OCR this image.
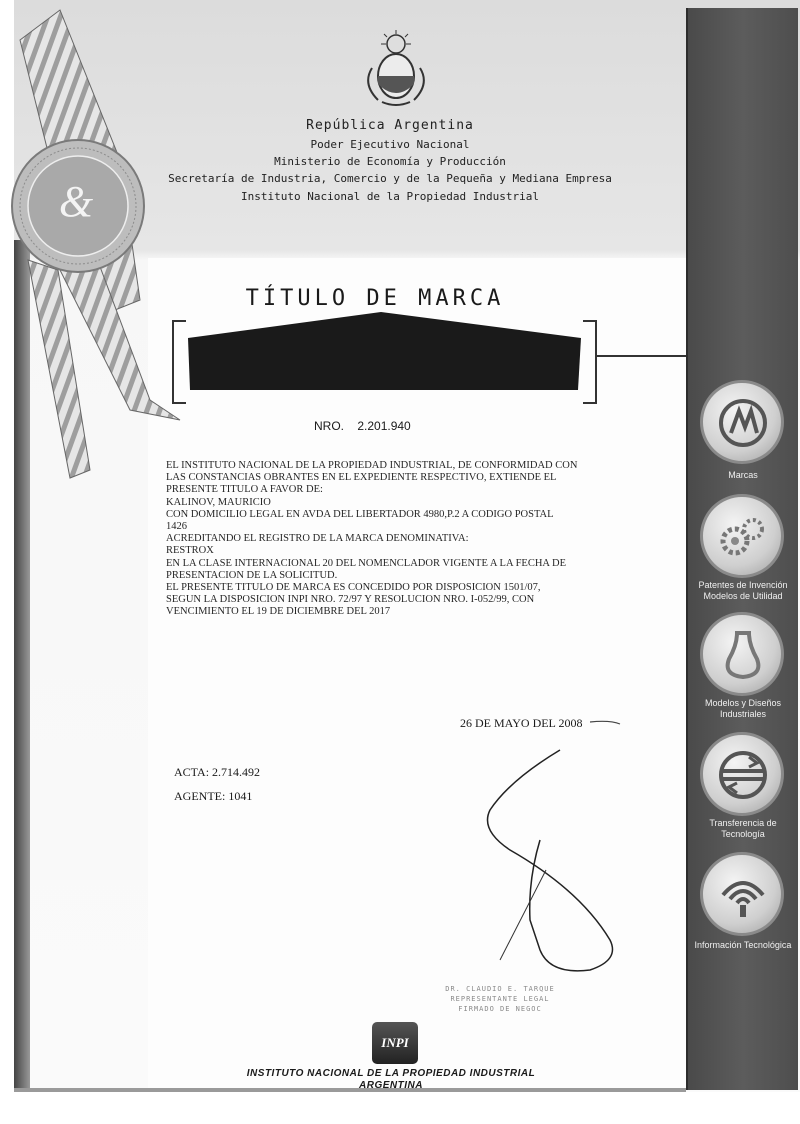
&
República Argentina
Poder Ejecutivo Nacional
Ministerio de Economía y Producción
Secretaría de Industria, Comercio y de la Pequeña y Mediana Empresa
Instituto Nacional de la Propiedad Industrial
TÍTULO DE MARCA
NRO. 2.201.940
EL INSTITUTO NACIONAL DE LA PROPIEDAD INDUSTRIAL, DE CONFORMIDAD CON
LAS CONSTANCIAS OBRANTES EN EL EXPEDIENTE RESPECTIVO, EXTIENDE EL
PRESENTE TITULO A FAVOR DE:
KALINOV, MAURICIO
CON DOMICILIO LEGAL EN AVDA DEL LIBERTADOR 4980,P.2 A CODIGO POSTAL
1426
ACREDITANDO EL REGISTRO DE LA MARCA DENOMINATIVA:
RESTROX
EN LA CLASE INTERNACIONAL 20 DEL NOMENCLADOR VIGENTE A LA FECHA DE
PRESENTACION DE LA SOLICITUD.
EL PRESENTE TITULO DE MARCA ES CONCEDIDO POR DISPOSICION 1501/07,
SEGUN LA DISPOSICION INPI NRO. 72/97 Y RESOLUCION NRO. I-052/99, CON
VENCIMIENTO EL 19 DE DICIEMBRE DEL 2017
26 DE MAYO DEL 2008
ACTA: 2.714.492
AGENTE: 1041
DR. CLAUDIO E. TARQUE
REPRESENTANTE LEGAL
FIRMADO DE NEGOC
INPI
INSTITUTO NACIONAL DE LA PROPIEDAD INDUSTRIAL
ARGENTINA
Marcas
Patentes de Invención Modelos de Utilidad
Modelos y Diseños Industriales
Transferencia de Tecnología
Información Tecnológica
